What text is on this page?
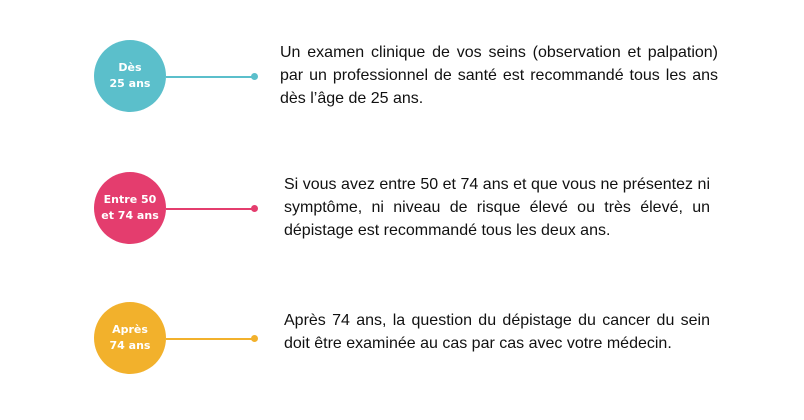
Dès
25 ans

Un examen clinique de vos seins (observation et palpation) par un professionnel de santé est recommandé tous les ans dès l’âge de 25 ans.

Entre 50
et 74 ans

Si vous avez entre 50 et 74 ans et que vous ne présentez ni symptôme, ni niveau de risque élevé ou très élevé, un dépistage est recommandé tous les deux ans.

Après
74 ans

Après 74 ans, la question du dépistage du cancer du sein doit être examinée au cas par cas avec votre médecin.
